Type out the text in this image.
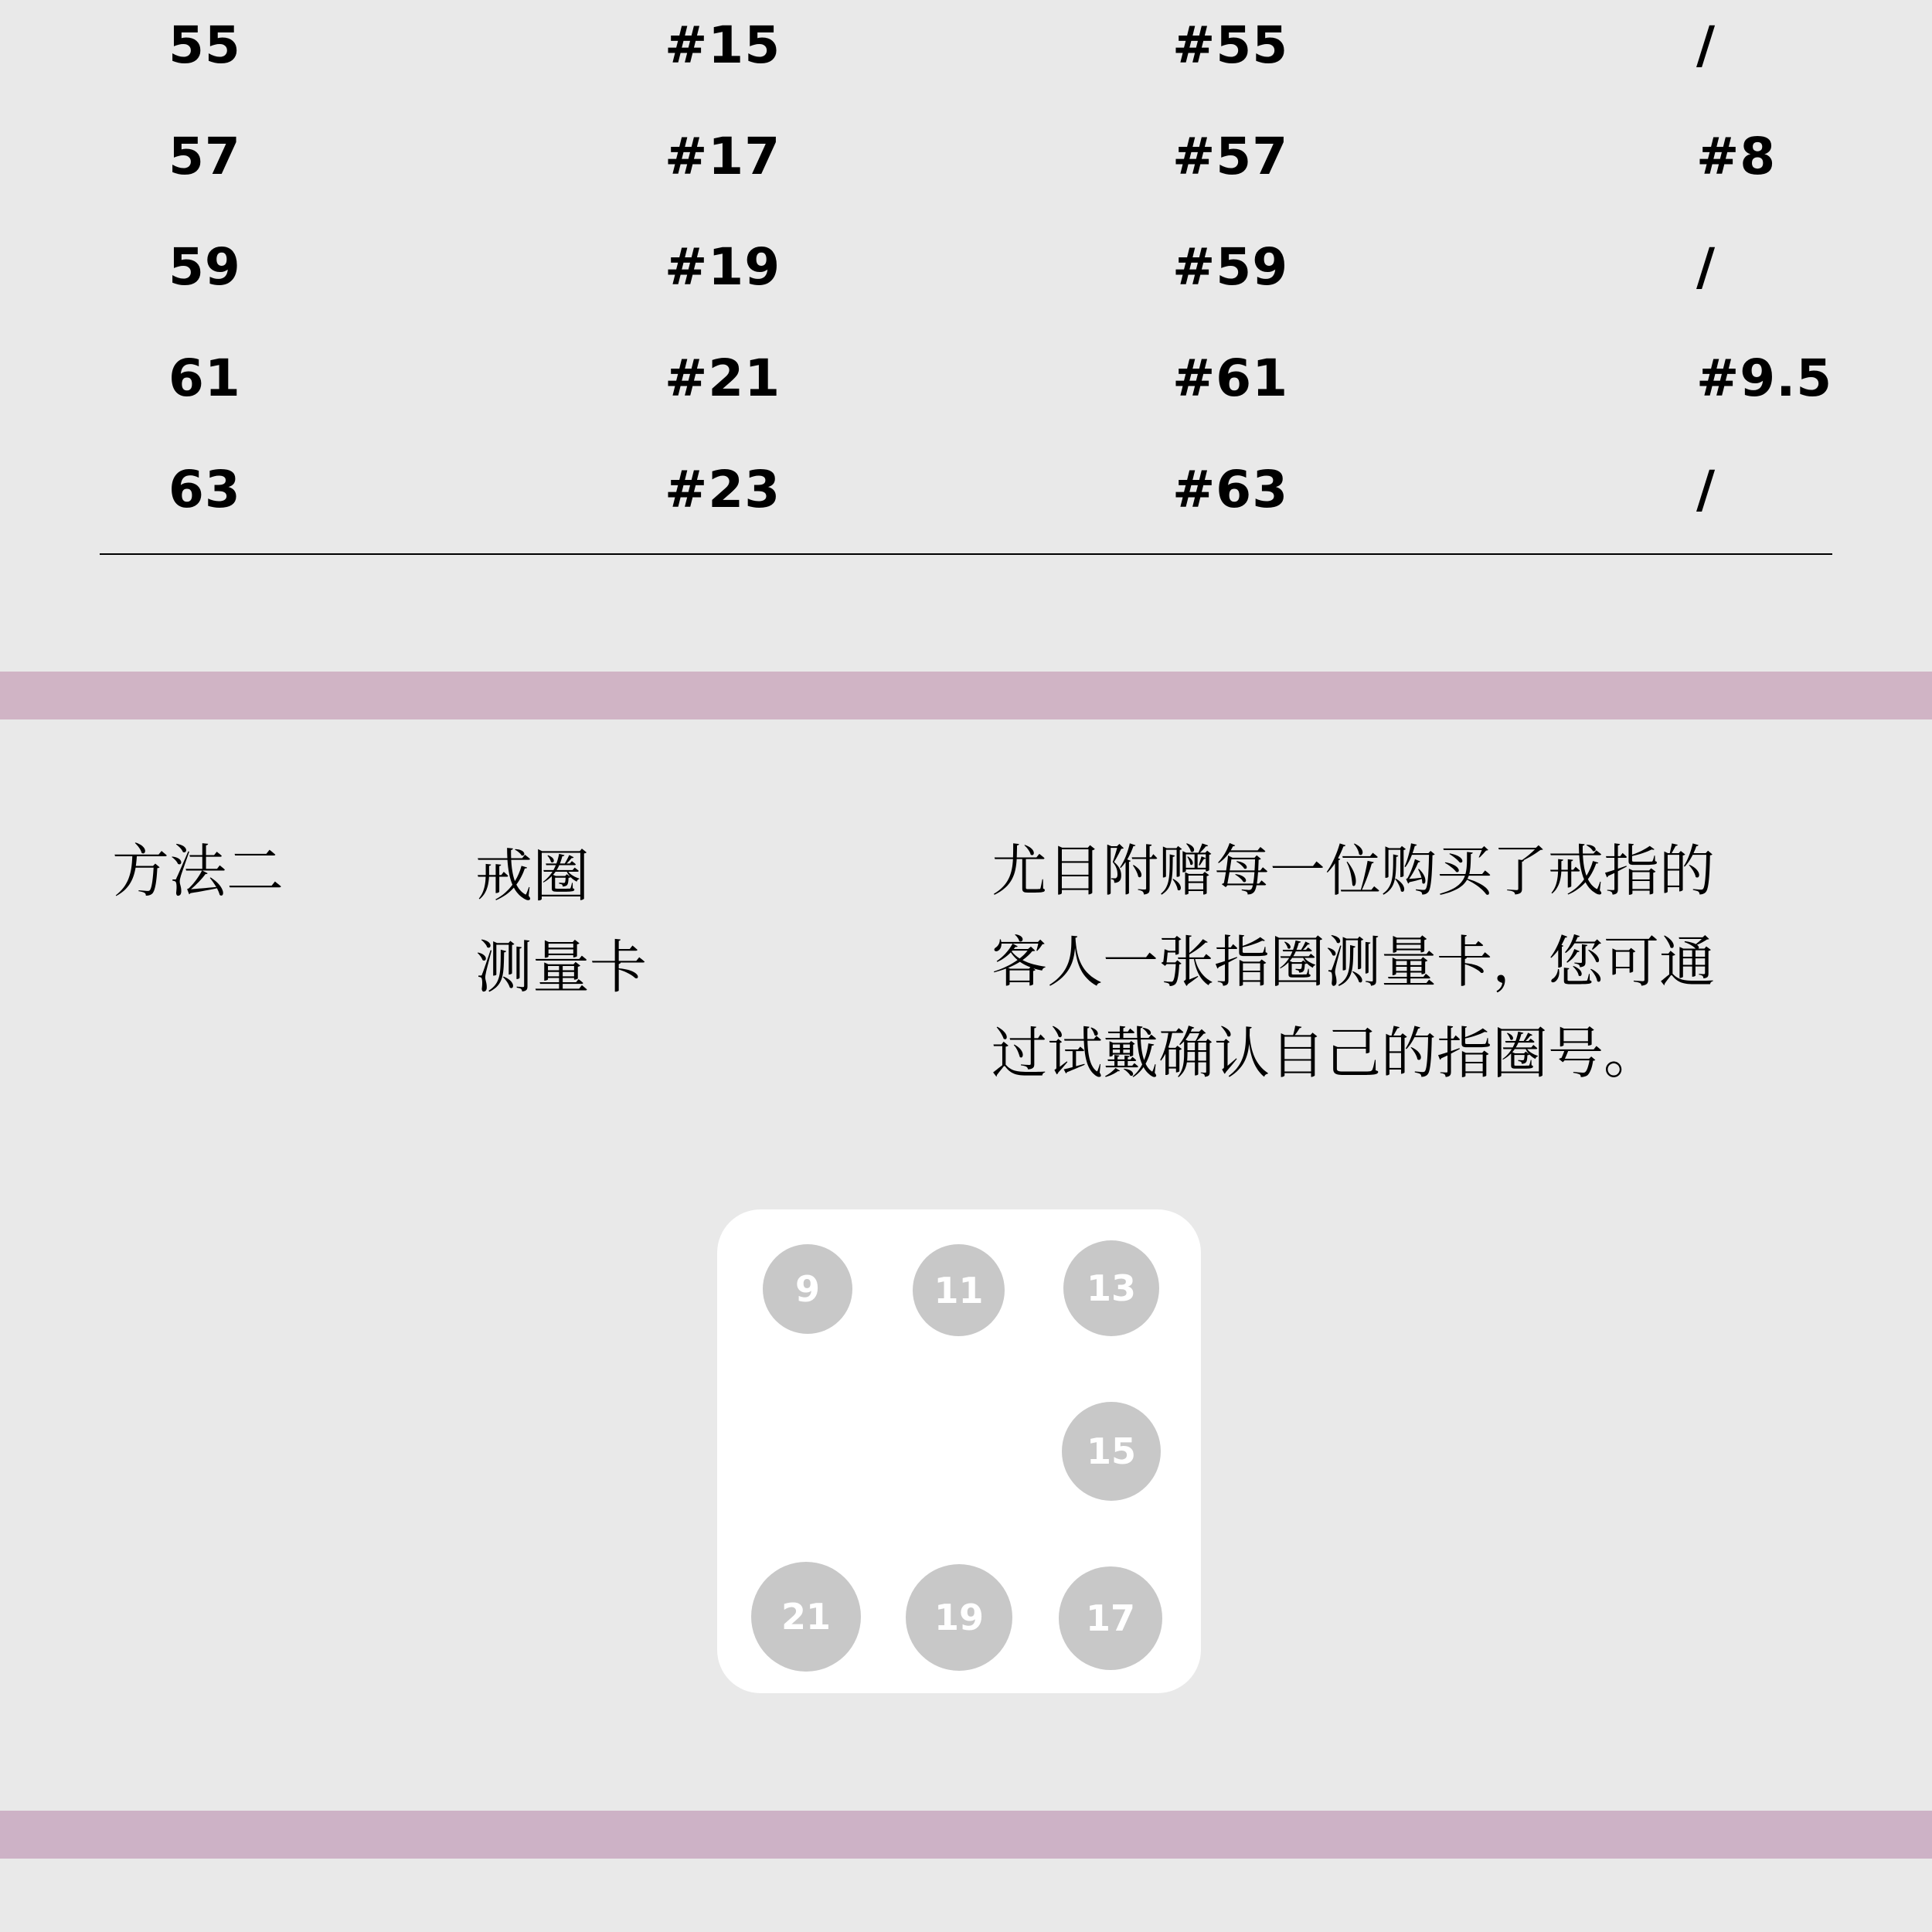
55	#15	#55	/
57	#17	#57	#8
59	#19	#59	/
61	#21	#61	#9.5
63	#23	#63	/
方法二	戒圈
测量卡
尤目附赠每一位购买了戒指的
客人一张指圈测量卡，您可通
过试戴确认自己的指圈号。
9	11	13
15
21	19	17
